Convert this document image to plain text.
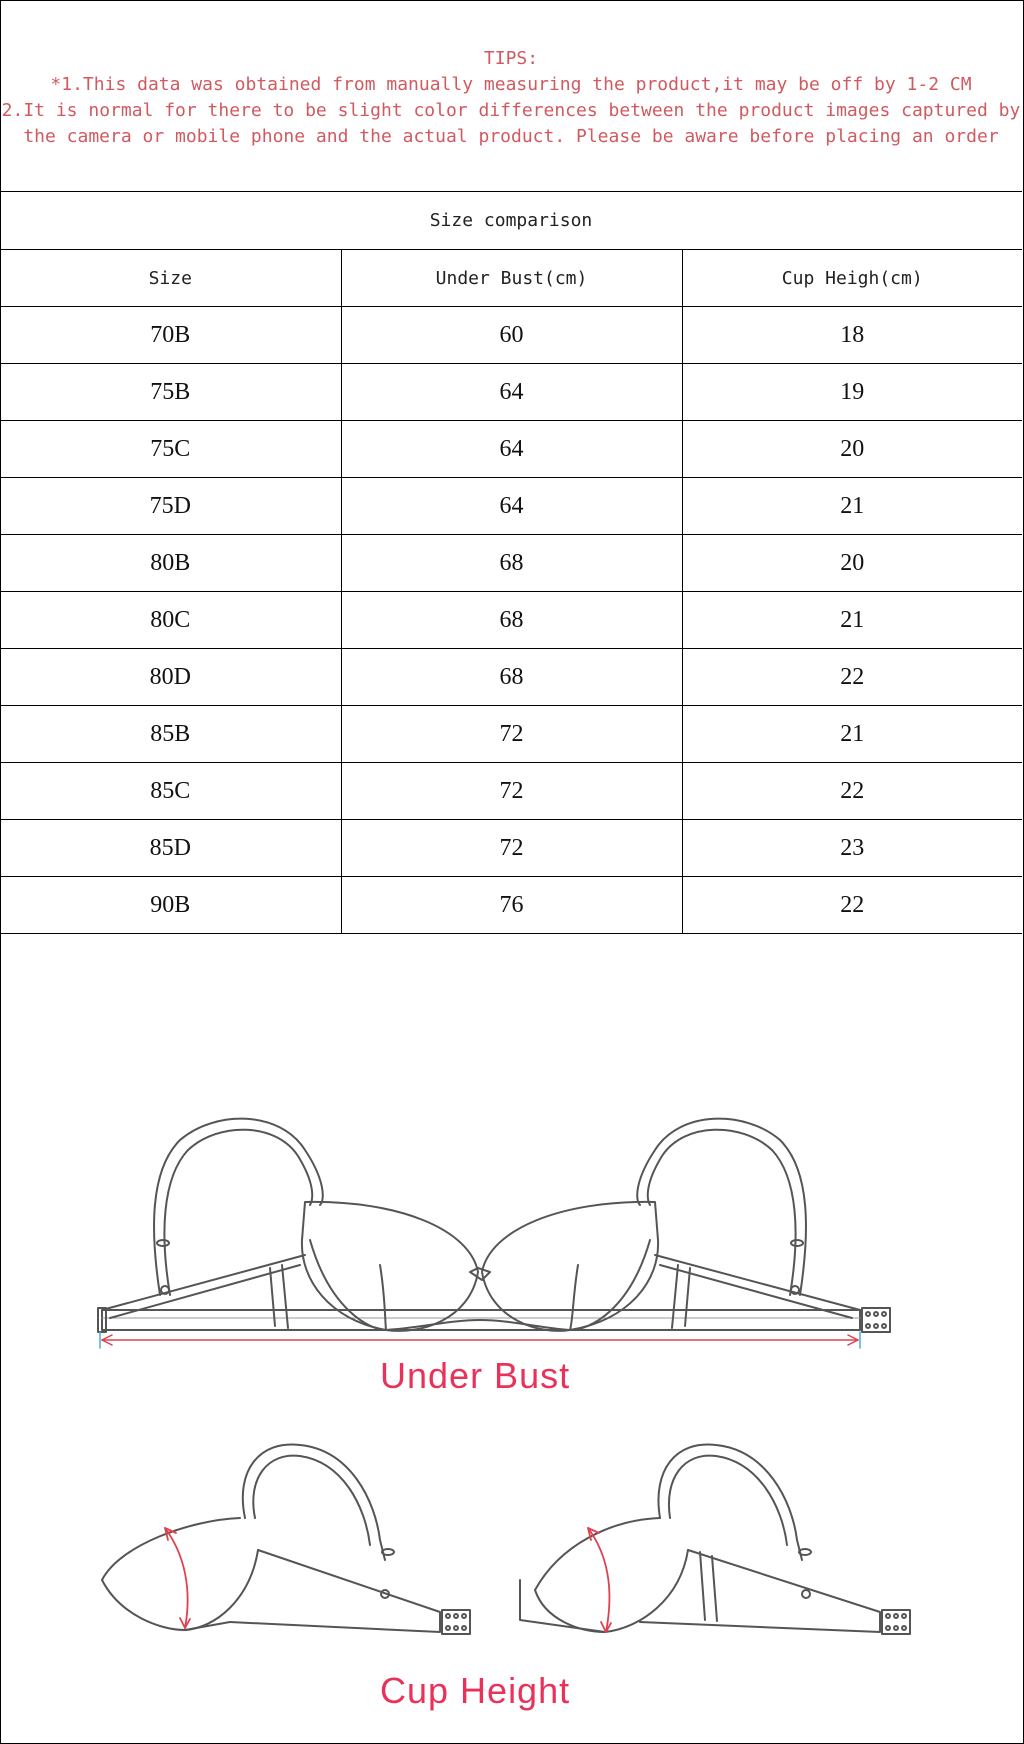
TIPS:
*1.This data was obtained from manually measuring the product,it may be off by 1-2 CM
2.It is normal for there to be slight color differences between the product images captured by
the camera or mobile phone and the actual product. Please be aware before placing an order
Size comparison
Size	Under Bust(cm)	Cup Heigh(cm)
70B	60	18
75B	64	19
75C	64	20
75D	64	21
80B	68	20
80C	68	21
80D	68	22
85B	72	21
85C	72	22
85D	72	23
90B	76	22
Under Bust
Cup Height
